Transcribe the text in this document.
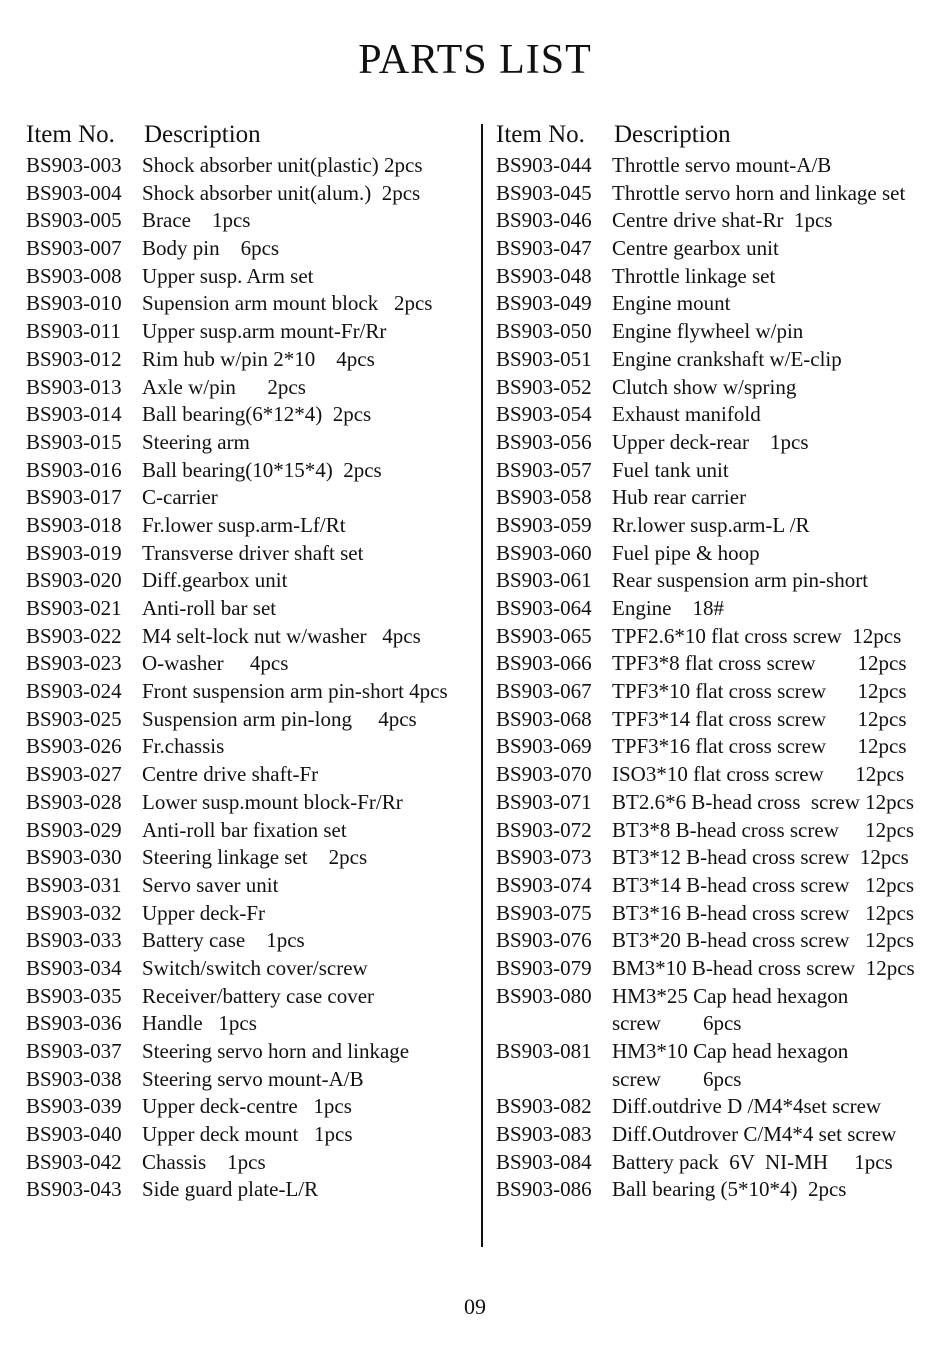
PARTS LIST
Item No.	Description
BS903-003 Shock absorber unit(plastic) 2pcs
BS903-004 Shock absorber unit(alum.)  2pcs
BS903-005 Brace    1pcs
BS903-007 Body pin    6pcs
BS903-008 Upper susp. Arm set
BS903-010 Supension arm mount block   2pcs
BS903-011	Upper susp.arm mount-Fr/Rr
BS903-012 Rim hub w/pin 2*10    4pcs
BS903-013 Axle w/pin      2pcs
BS903-014 Ball bearing(6*12*4)  2pcs
BS903-015 Steering arm
BS903-016 Ball bearing(10*15*4)  2pcs
BS903-017 C-carrier
BS903-018 Fr.lower susp.arm-Lf/Rt
BS903-019 Transverse driver shaft set
BS903-020 Diff.gearbox unit
BS903-021 Anti-roll bar set
BS903-022 M4 selt-lock nut w/washer   4pcs
BS903-023 O-washer     4pcs
BS903-024 Front suspension arm pin-short 4pcs
BS903-025 Suspension arm pin-long     4pcs
BS903-026 Fr.chassis
BS903-027 Centre drive shaft-Fr
BS903-028 Lower susp.mount block-Fr/Rr
BS903-029 Anti-roll bar fixation set
BS903-030 Steering linkage set    2pcs
BS903-031 Servo saver unit
BS903-032 Upper deck-Fr
BS903-033 Battery case    1pcs
BS903-034 Switch/switch cover/screw
BS903-035 Receiver/battery case cover
BS903-036 Handle   1pcs
BS903-037 Steering servo horn and linkage
BS903-038 Steering servo mount-A/B
BS903-039 Upper deck-centre   1pcs
BS903-040 Upper deck mount   1pcs
BS903-042 Chassis    1pcs
BS903-043 Side guard plate-L/R
Item No.	Description
BS903-044 Throttle servo mount-A/B
BS903-045 Throttle servo horn and linkage set
BS903-046 Centre drive shat-Rr  1pcs
BS903-047 Centre gearbox unit
BS903-048 Throttle linkage set
BS903-049 Engine mount
BS903-050 Engine flywheel w/pin
BS903-051 Engine crankshaft w/E-clip
BS903-052 Clutch show w/spring
BS903-054 Exhaust manifold
BS903-056 Upper deck-rear    1pcs
BS903-057 Fuel tank unit
BS903-058 Hub rear carrier
BS903-059 Rr.lower susp.arm-L /R
BS903-060 Fuel pipe & hoop
BS903-061 Rear suspension arm pin-short
BS903-064 Engine    18#
BS903-065 TPF2.6*10 flat cross screw  12pcs
BS903-066 TPF3*8 flat cross screw        12pcs
BS903-067 TPF3*10 flat cross screw      12pcs
BS903-068 TPF3*14 flat cross screw      12pcs
BS903-069 TPF3*16 flat cross screw      12pcs
BS903-070 ISO3*10 flat cross screw      12pcs
BS903-071 BT2.6*6 B-head cross  screw 12pcs
BS903-072 BT3*8 B-head cross screw     12pcs
BS903-073 BT3*12 B-head cross screw  12pcs
BS903-074 BT3*14 B-head cross screw   12pcs
BS903-075 BT3*16 B-head cross screw   12pcs
BS903-076 BT3*20 B-head cross screw   12pcs
BS903-079 BM3*10 B-head cross screw  12pcs
BS903-080 HM3*25 Cap head hexagon
screw        6pcs
BS903-081 HM3*10 Cap head hexagon
screw        6pcs
BS903-082 Diff.outdrive D /M4*4set screw
BS903-083 Diff.Outdrover C/M4*4 set screw
BS903-084 Battery pack  6V  NI-MH     1pcs
BS903-086 Ball bearing (5*10*4)  2pcs
09
